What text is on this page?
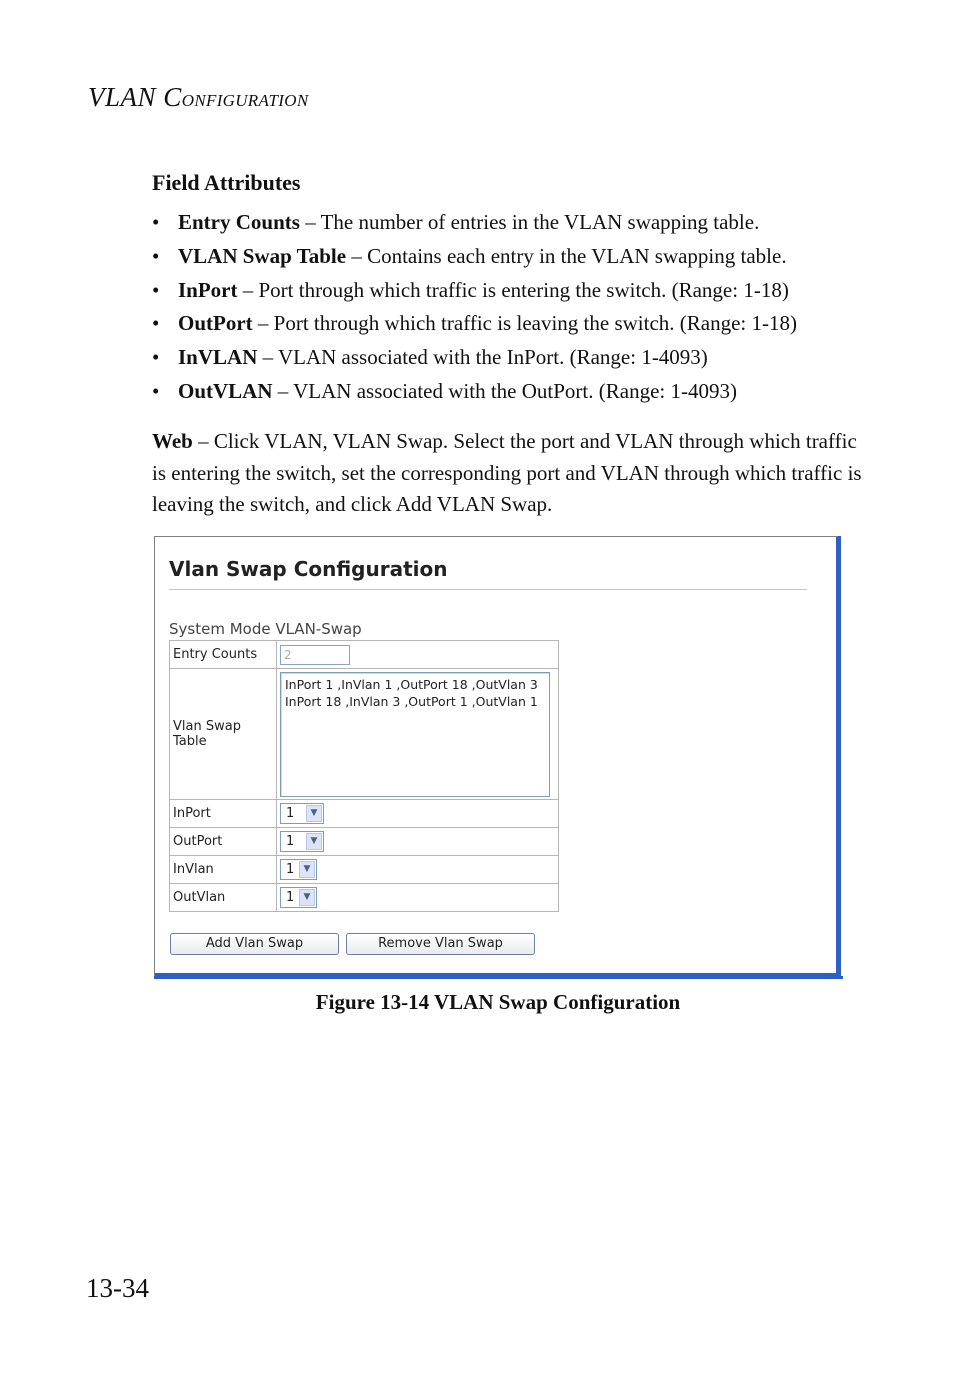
VLAN CONFIGURATION
Field Attributes
• Entry Counts – The number of entries in the VLAN swapping table.
• VLAN Swap Table – Contains each entry in the VLAN swapping table.
• InPort – Port through which traffic is entering the switch. (Range: 1-18)
• OutPort – Port through which traffic is leaving the switch. (Range: 1-18)
• InVLAN – VLAN associated with the InPort. (Range: 1-4093)
• OutVLAN – VLAN associated with the OutPort. (Range: 1-4093)
Web – Click VLAN, VLAN Swap. Select the port and VLAN through which traffic is entering the switch, set the corresponding port and VLAN through which traffic is leaving the switch, and click Add VLAN Swap.
Vlan Swap Configuration
System Mode VLAN-Swap
Entry Counts	2
Vlan Swap Table
InPort 1 ,InVlan 1 ,OutPort 18 ,OutVlan 3
InPort 18 ,InVlan 3 ,OutPort 1 ,OutVlan 1
InPort	1	▼
OutPort	1	▼
InVlan	1	▼
OutVlan	1	▼
Add Vlan Swap	Remove Vlan Swap
Figure 13-14 VLAN Swap Configuration
13-34
